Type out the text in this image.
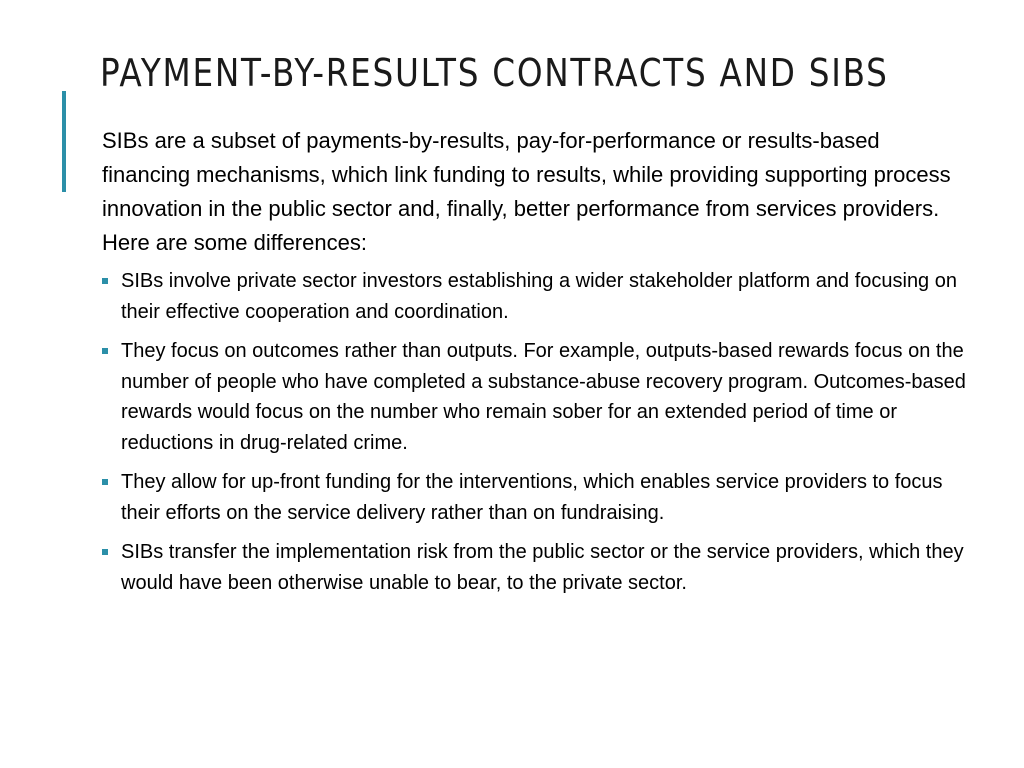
PAYMENT-BY-RESULTS CONTRACTS AND SIBS

SIBs are a subset of payments-by-results, pay-for-performance or results-based financing mechanisms, which link funding to results, while providing supporting process innovation in the public sector and, finally, better performance from services providers. Here are some differences:

SIBs involve private sector investors establishing a wider stakeholder platform and focusing on their effective cooperation and coordination.
They focus on outcomes rather than outputs. For example, outputs-based rewards focus on the number of people who have completed a substance-abuse recovery program. Outcomes-based rewards would focus on the number who remain sober for an extended period of time or reductions in drug-related crime.
They allow for up-front funding for the interventions, which enables service providers to focus their efforts on the service delivery rather than on fundraising.
SIBs transfer the implementation risk from the public sector or the service providers, which they would have been otherwise unable to bear, to the private sector.
